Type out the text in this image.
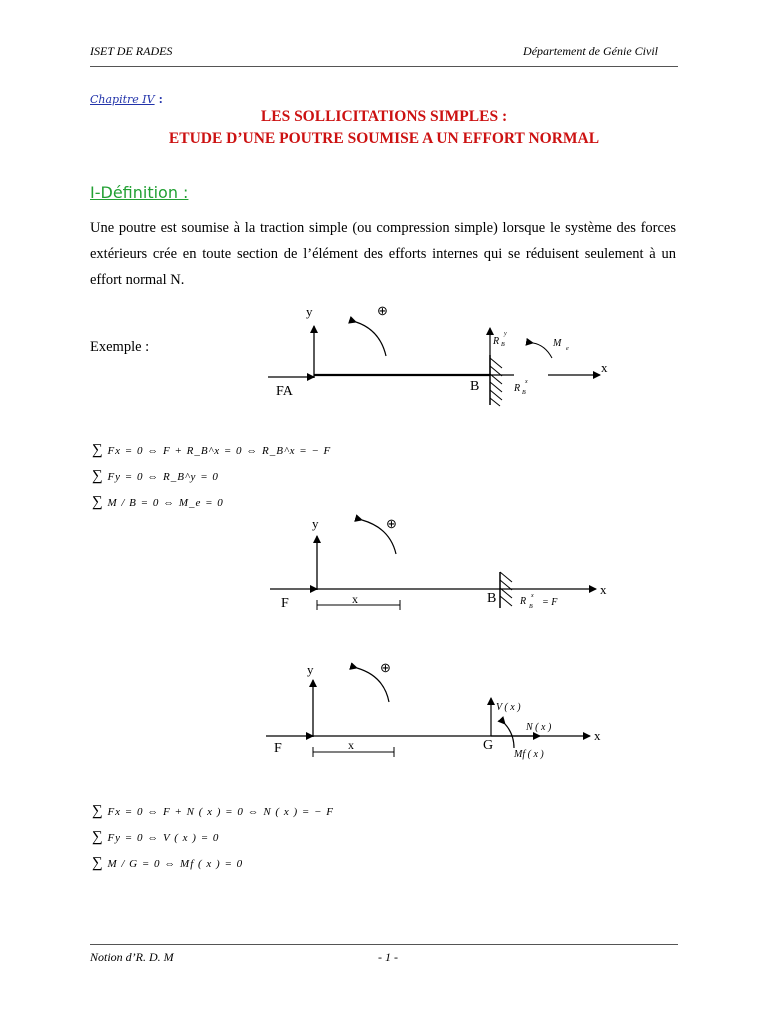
ISET DE RADES	Département de Génie Civil
Chapitre IV :
LES SOLLICITATIONS SIMPLES :
ETUDE D’UNE POUTRE SOUMISE A UN EFFORT NORMAL
I-Définition :
Une poutre est soumise à la traction simple (ou compression simple) lorsque le système des forces extérieurs crée en toute section de l’élément des efforts internes qui se réduisent seulement à un effort normal N.
Exemple :
y	⊕
x
FA	B
R B
y
R B
x
M e
y	⊕
x
F	x	B R B
x
= F
y	⊕
x
F	x	G
V ( x )
N ( x )
Mf ( x )
∑ Fx = 0 ⇔ F + R_B^x = 0 ⇔ R_B^x = − F
∑ Fy = 0 ⇔ R_B^y = 0
∑ M / B = 0 ⇔ M_e = 0
∑ Fx = 0 ⇔ F + N ( x ) = 0 ⇔ N ( x ) = − F
∑ Fy = 0 ⇔ V ( x ) = 0
∑ M / G = 0 ⇔ Mf ( x ) = 0
Notion d’R. D. M	- 1 -
